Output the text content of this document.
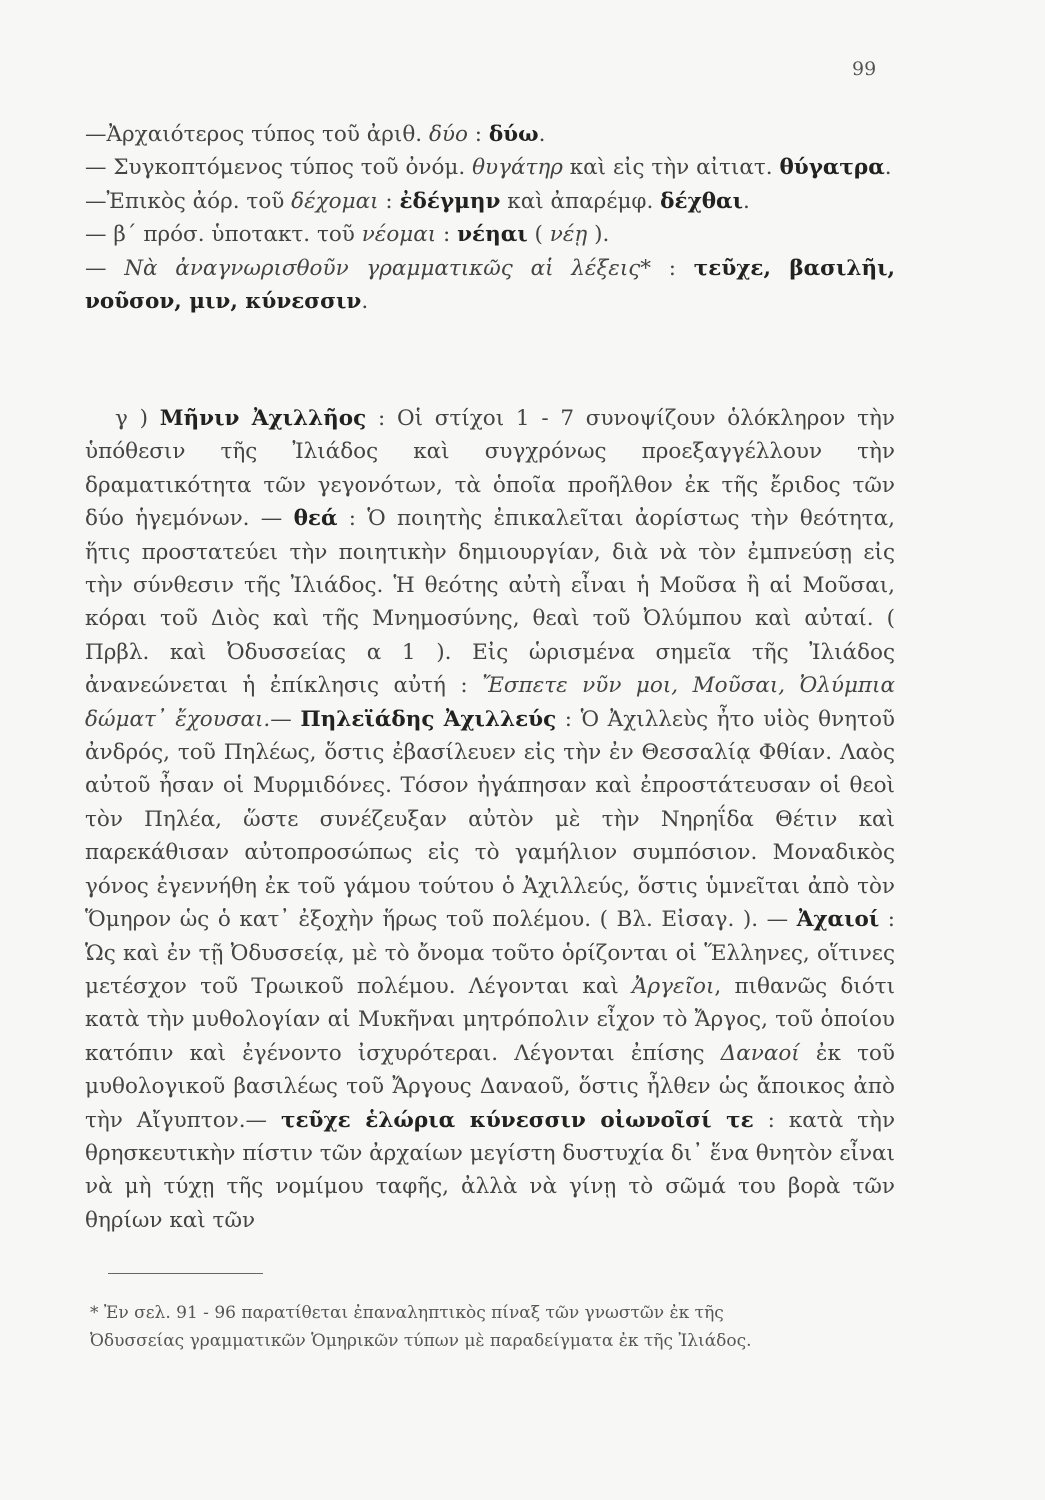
99

—Ἀρχαιότερος τύπος τοῦ ἀριθ. δύο : δύω.

— Συγκοπτόμενος τύπος τοῦ ὀνόμ. θυγάτηρ καὶ εἰς τὴν αἰτιατ. θύγατρα.

—Ἐπικὸς ἀόρ. τοῦ δέχομαι : ἐδέγμην καὶ ἀπαρέμφ. δέχθαι.

— β΄ πρόσ. ὑποτακτ. τοῦ νέομαι : νέηαι ( νέῃ ).

— Νὰ ἀναγνωρισθοῦν γραμματικῶς αἱ λέξεις* : τεῦχε, βασιλῆι, νοῦσον, μιν, κύνεσσιν.

γ ) Μῆνιν Ἀχιλλῆος : Οἱ στίχοι 1 - 7 συνοψίζουν ὁλόκληρον τὴν ὑπόθεσιν τῆς Ἰλιάδος καὶ συγχρόνως προεξαγγέλλουν τὴν δραματικότητα τῶν γεγονότων, τὰ ὁποῖα προῆλθον ἐκ τῆς ἔριδος τῶν δύο ἡγεμόνων. — θεά : Ὁ ποιητὴς ἐπικαλεῖται ἀορίστως τὴν θεότητα, ἥτις προστατεύει τὴν ποιητικὴν δημιουργίαν, διὰ νὰ τὸν ἐμπνεύσῃ εἰς τὴν σύνθεσιν τῆς Ἰλιάδος. Ἡ θεότης αὐτὴ εἶναι ἡ Μοῦσα ἢ αἱ Μοῦσαι, κόραι τοῦ Διὸς καὶ τῆς Μνημοσύνης, θεαὶ τοῦ Ὀλύμπου καὶ αὐταί. ( Πρβλ. καὶ Ὀδυσσείας α 1 ). Εἰς ὡρισμένα σημεῖα τῆς Ἰλιάδος ἀνανεώνεται ἡ ἐπίκλησις αὐτή : Ἔσπετε νῦν μοι, Μοῦσαι, Ὀλύμπια δώματ᾽ ἔχουσαι.— Πηλεϊάδης Ἀχιλλεύς : Ὁ Ἀχιλλεὺς ἦτο υἱὸς θνητοῦ ἀνδρός, τοῦ Πηλέως, ὅστις ἐβασίλευεν εἰς τὴν ἐν Θεσσαλίᾳ Φθίαν. Λαὸς αὐτοῦ ἦσαν οἱ Μυρμιδόνες. Τόσον ἠγάπησαν καὶ ἐπροστάτευσαν οἱ θεοὶ τὸν Πηλέα, ὥστε συνέζευξαν αὐτὸν μὲ τὴν Νηρηΐδα Θέτιν καὶ παρεκάθισαν αὐτοπροσώπως εἰς τὸ γαμήλιον συμπόσιον. Μοναδικὸς γόνος ἐγεννήθη ἐκ τοῦ γάμου τούτου ὁ Ἀχιλλεύς, ὅστις ὑμνεῖται ἀπὸ τὸν Ὅμηρον ὡς ὁ κατ᾽ ἐξοχὴν ἥρως τοῦ πολέμου. ( Βλ. Εἰσαγ. ). — Ἀχαιοί : Ὡς καὶ ἐν τῇ Ὀδυσσείᾳ, μὲ τὸ ὄνομα τοῦτο ὁρίζονται οἱ Ἕλληνες, οἵτινες μετέσχον τοῦ Τρωικοῦ πολέμου. Λέγονται καὶ Ἀργεῖοι, πιθανῶς διότι κατὰ τὴν μυθολογίαν αἱ Μυκῆναι μητρόπολιν εἶχον τὸ Ἄργος, τοῦ ὁποίου κατόπιν καὶ ἐγένοντο ἰσχυρότεραι. Λέγονται ἐπίσης Δαναοί ἐκ τοῦ μυθολογικοῦ βασιλέως τοῦ Ἄργους Δαναοῦ, ὅστις ἦλθεν ὡς ἄποικος ἀπὸ τὴν Αἴγυπτον.— τεῦχε ἑλώρια κύνεσσιν οἰωνοῖσί τε : κατὰ τὴν θρησκευτικὴν πίστιν τῶν ἀρχαίων μεγίστη δυστυχία δι᾽ ἕνα θνητὸν εἶναι νὰ μὴ τύχῃ τῆς νομίμου ταφῆς, ἀλλὰ νὰ γίνῃ τὸ σῶμά του βορὰ τῶν θηρίων καὶ τῶν

* Ἐν σελ. 91 - 96 παρατίθεται ἐπαναληπτικὸς πίναξ τῶν γνωστῶν ἐκ τῆς

Ὀδυσσείας γραμματικῶν Ὁμηρικῶν τύπων μὲ παραδείγματα ἐκ τῆς Ἰλιάδος.
